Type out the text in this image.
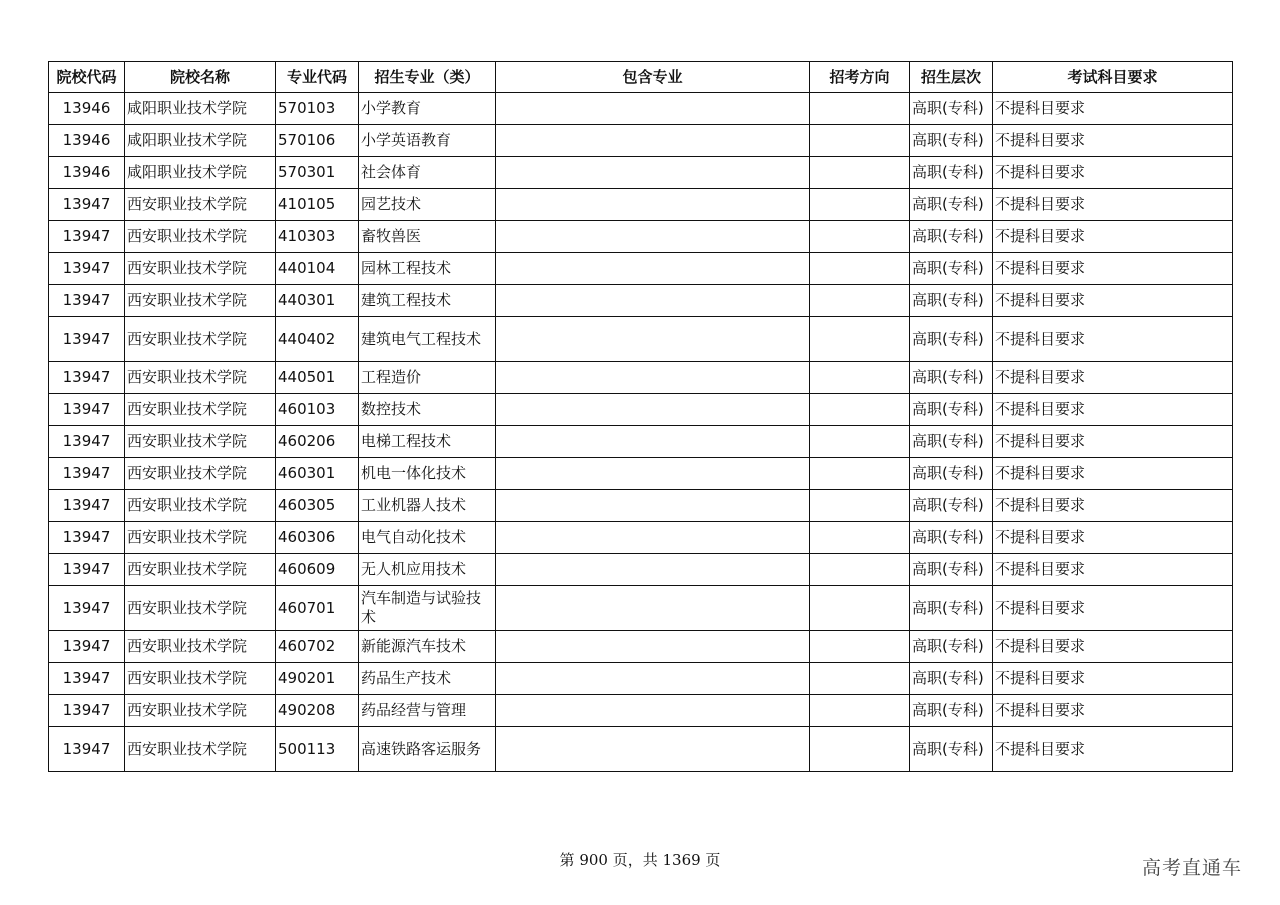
院校代码	院校名称	专业代码	招生专业（类）	包含专业	招考方向	招生层次	考试科目要求
13946	咸阳职业技术学院	570103	小学教育			高职(专科)	不提科目要求
13946	咸阳职业技术学院	570106	小学英语教育			高职(专科)	不提科目要求
13946	咸阳职业技术学院	570301	社会体育			高职(专科)	不提科目要求
13947	西安职业技术学院	410105	园艺技术			高职(专科)	不提科目要求
13947	西安职业技术学院	410303	畜牧兽医			高职(专科)	不提科目要求
13947	西安职业技术学院	440104	园林工程技术			高职(专科)	不提科目要求
13947	西安职业技术学院	440301	建筑工程技术			高职(专科)	不提科目要求
13947	西安职业技术学院	440402	建筑电气工程技术			高职(专科)	不提科目要求
13947	西安职业技术学院	440501	工程造价			高职(专科)	不提科目要求
13947	西安职业技术学院	460103	数控技术			高职(专科)	不提科目要求
13947	西安职业技术学院	460206	电梯工程技术			高职(专科)	不提科目要求
13947	西安职业技术学院	460301	机电一体化技术			高职(专科)	不提科目要求
13947	西安职业技术学院	460305	工业机器人技术			高职(专科)	不提科目要求
13947	西安职业技术学院	460306	电气自动化技术			高职(专科)	不提科目要求
13947	西安职业技术学院	460609	无人机应用技术			高职(专科)	不提科目要求
13947	西安职业技术学院	460701	汽车制造与试验技术			高职(专科)	不提科目要求
13947	西安职业技术学院	460702	新能源汽车技术			高职(专科)	不提科目要求
13947	西安职业技术学院	490201	药品生产技术			高职(专科)	不提科目要求
13947	西安职业技术学院	490208	药品经营与管理			高职(专科)	不提科目要求
13947	西安职业技术学院	500113	高速铁路客运服务			高职(专科)	不提科目要求
第 900 页，共 1369 页	高考直通车
